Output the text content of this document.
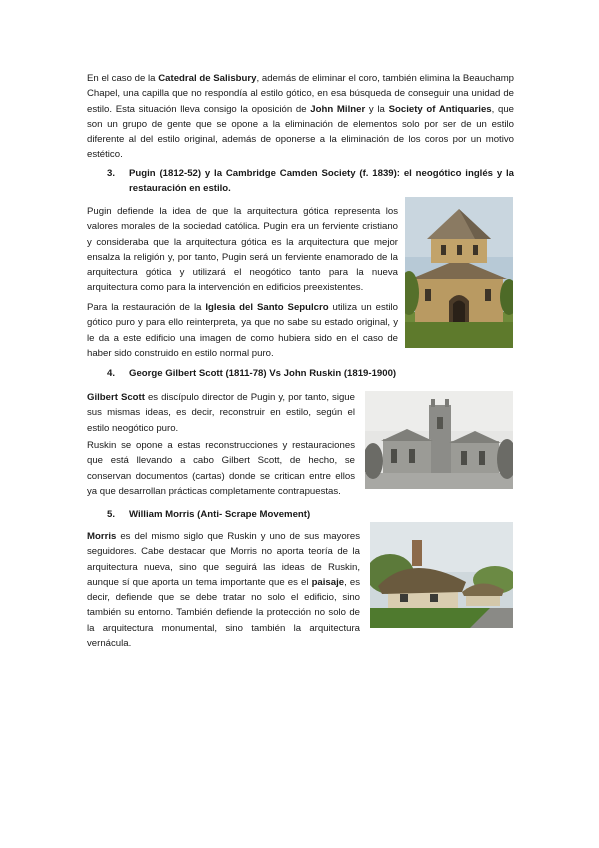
En el caso de la Catedral de Salisbury, además de eliminar el coro, también elimina la Beauchamp Chapel, una capilla que no respondía al estilo gótico, en esa búsqueda de conseguir una unidad de estilo. Esta situación lleva consigo la oposición de John Milner y la Society of Antiquaries, que son un grupo de gente que se opone a la eliminación de elementos solo por ser de un estilo diferente al del estilo original, además de oponerse a la eliminación de los coros por un motivo estético.

3.	Pugin (1812-52) y la Cambridge Camden Society (f. 1839): el neogótico inglés y la restauración en estilo.

Pugin defiende la idea de que la arquitectura gótica representa los valores morales de la sociedad católica. Pugin era un ferviente cristiano y consideraba que la arquitectura gótica es la arquitectura que mejor ensalza la religión y, por tanto, Pugin será un ferviente enamorado de la arquitectura gótica y utilizará el neogótico tanto para la nueva arquitectura como para la intervención en edificios preexistentes.

Para la restauración de la Iglesia del Santo Sepulcro utiliza un estilo gótico puro y para ello reinterpreta, ya que no sabe su estado original, y le da a este edificio una imagen de como hubiera sido en el caso de haber sido construido en estilo normal puro.

4.	George Gilbert Scott (1811-78) Vs John Ruskin (1819-1900)

Gilbert Scott es discípulo director de Pugin y, por tanto, sigue sus mismas ideas, es decir, reconstruir en estilo, según el estilo neogótico puro.

Ruskin se opone a estas reconstrucciones y restauraciones que está llevando a cabo Gilbert Scott, de hecho, se conservan documentos (cartas) donde se critican entre ellos ya que desarrollan prácticas completamente contrapuestas.

5.	William Morris (Anti- Scrape Movement)

Morris es del mismo siglo que Ruskin y uno de sus mayores seguidores. Cabe destacar que Morris no aporta teoría de la arquitectura nueva, sino que seguirá las ideas de Ruskin, aunque sí que aporta un tema importante que es el paisaje, es decir, defiende que se debe tratar no solo el edificio, sino también su entorno. También defiende la protección no solo de la arquitectura monumental, sino también la arquitectura vernácula.
